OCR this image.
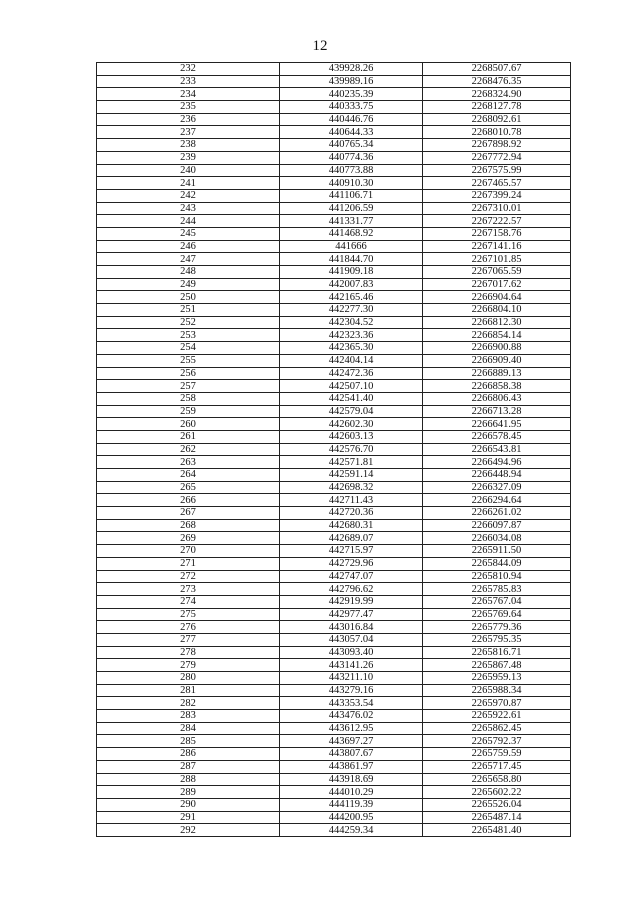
12
232	439928.26	2268507.67
233	439989.16	2268476.35
234	440235.39	2268324.90
235	440333.75	2268127.78
236	440446.76	2268092.61
237	440644.33	2268010.78
238	440765.34	2267898.92
239	440774.36	2267772.94
240	440773.88	2267575.99
241	440910.30	2267465.57
242	441106.71	2267399.24
243	441206.59	2267310.01
244	441331.77	2267222.57
245	441468.92	2267158.76
246	441666	2267141.16
247	441844.70	2267101.85
248	441909.18	2267065.59
249	442007.83	2267017.62
250	442165.46	2266904.64
251	442277.30	2266804.10
252	442304.52	2266812.30
253	442323.36	2266854.14
254	442365.30	2266900.88
255	442404.14	2266909.40
256	442472.36	2266889.13
257	442507.10	2266858.38
258	442541.40	2266806.43
259	442579.04	2266713.28
260	442602.30	2266641.95
261	442603.13	2266578.45
262	442576.70	2266543.81
263	442571.81	2266494.96
264	442591.14	2266448.94
265	442698.32	2266327.09
266	442711.43	2266294.64
267	442720.36	2266261.02
268	442680.31	2266097.87
269	442689.07	2266034.08
270	442715.97	2265911.50
271	442729.96	2265844.09
272	442747.07	2265810.94
273	442796.62	2265785.83
274	442919.99	2265767.04
275	442977.47	2265769.64
276	443016.84	2265779.36
277	443057.04	2265795.35
278	443093.40	2265816.71
279	443141.26	2265867.48
280	443211.10	2265959.13
281	443279.16	2265988.34
282	443353.54	2265970.87
283	443476.02	2265922.61
284	443612.95	2265862.45
285	443697.27	2265792.37
286	443807.67	2265759.59
287	443861.97	2265717.45
288	443918.69	2265658.80
289	444010.29	2265602.22
290	444119.39	2265526.04
291	444200.95	2265487.14
292	444259.34	2265481.40
